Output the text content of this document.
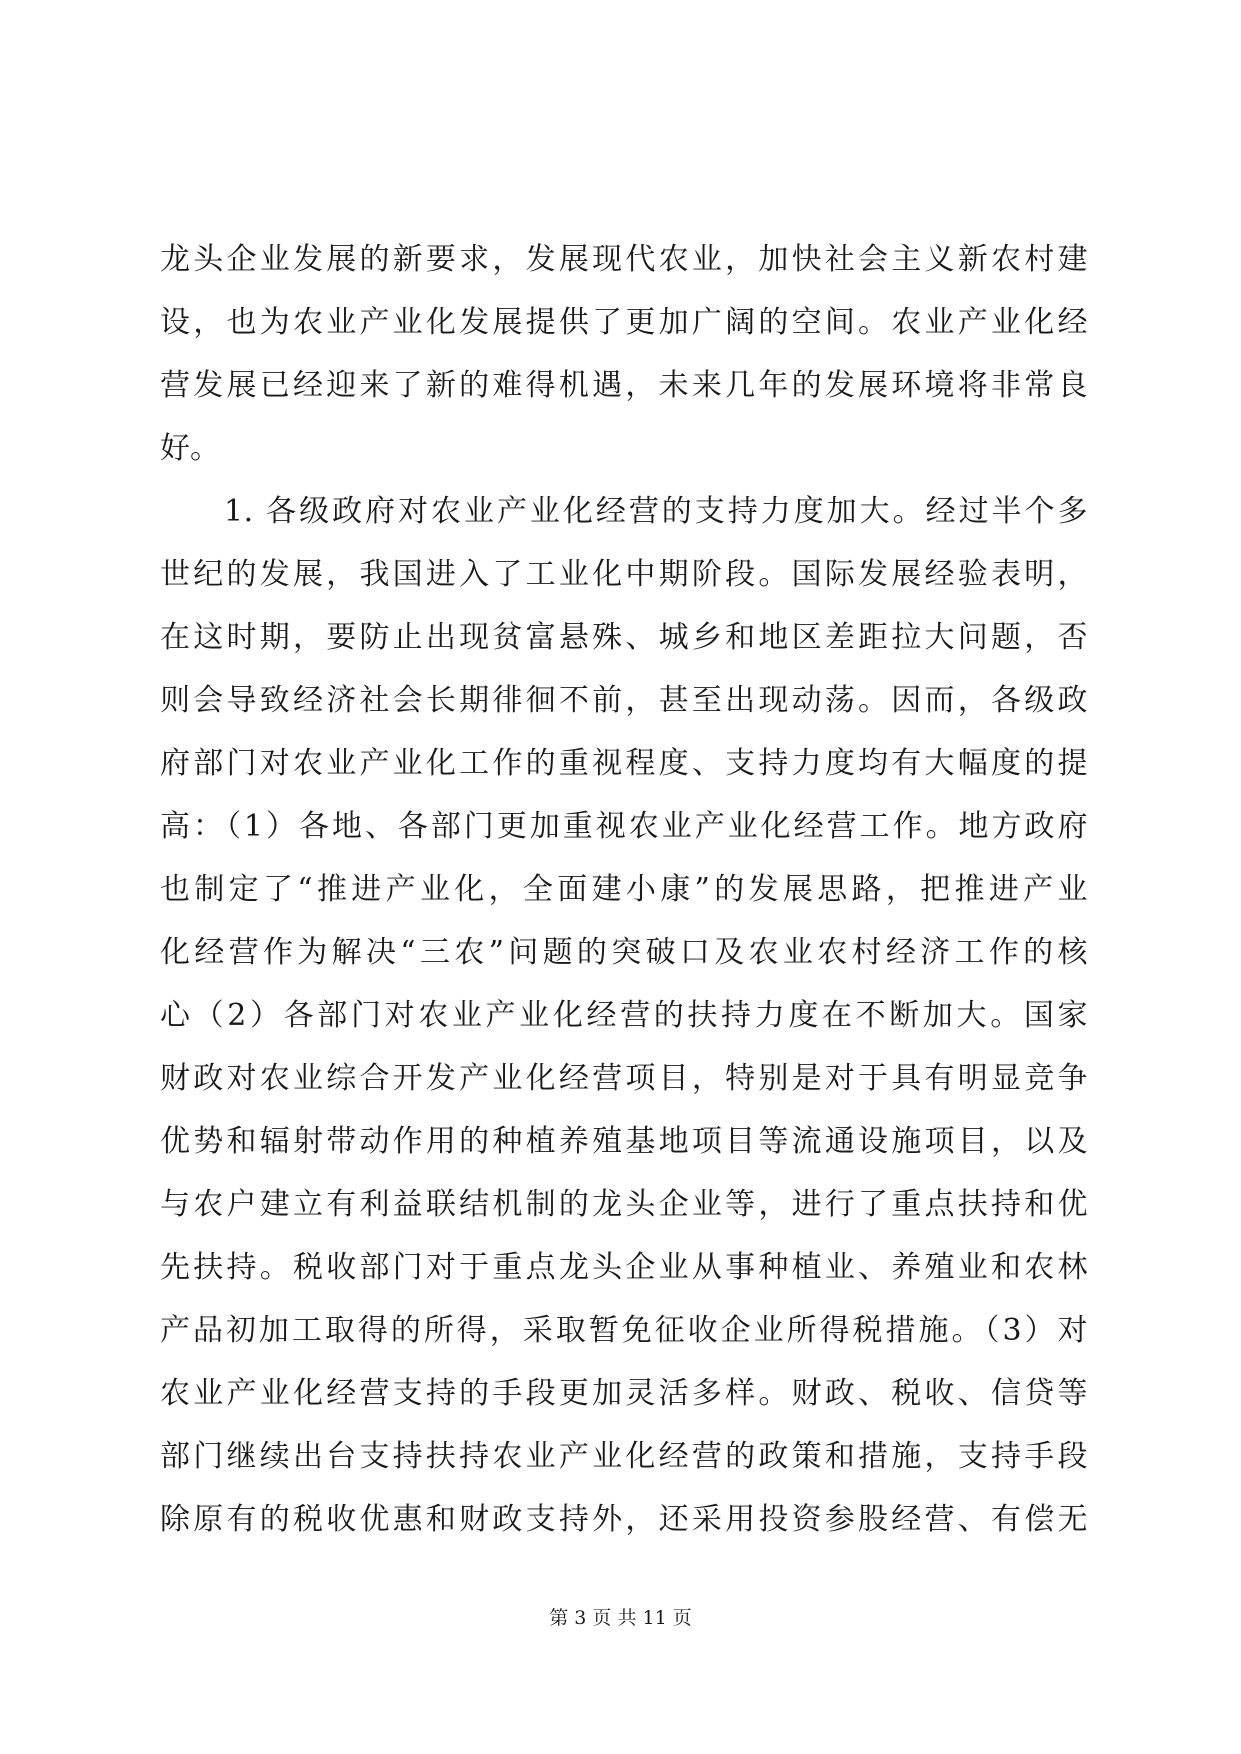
龙头企业发展的新要求，发展现代农业，加快社会主义新农村建
设，也为农业产业化发展提供了更加广阔的空间。农业产业化经
营发展已经迎来了新的难得机遇，未来几年的发展环境将非常良
好。
1. 各级政府对农业产业化经营的支持力度加大。经过半个多
世纪的发展，我国进入了工业化中期阶段。国际发展经验表明，
在这时期，要防止出现贫富悬殊、城乡和地区差距拉大问题，否
则会导致经济社会长期徘徊不前，甚至出现动荡。因而，各级政
府部门对农业产业化工作的重视程度、支持力度均有大幅度的提
高：（1）各地、各部门更加重视农业产业化经营工作。地方政府
也制定了“推进产业化，全面建小康”的发展思路，把推进产业
化经营作为解决“三农”问题的突破口及农业农村经济工作的核
心（2）各部门对农业产业化经营的扶持力度在不断加大。国家
财政对农业综合开发产业化经营项目，特别是对于具有明显竞争
优势和辐射带动作用的种植养殖基地项目等流通设施项目，以及
与农户建立有利益联结机制的龙头企业等，进行了重点扶持和优
先扶持。税收部门对于重点龙头企业从事种植业、养殖业和农林
产品初加工取得的所得，采取暂免征收企业所得税措施。（3）对
农业产业化经营支持的手段更加灵活多样。财政、税收、信贷等
部门继续出台支持扶持农业产业化经营的政策和措施，支持手段
除原有的税收优惠和财政支持外，还采用投资参股经营、有偿无
第 3 页 共 11 页
